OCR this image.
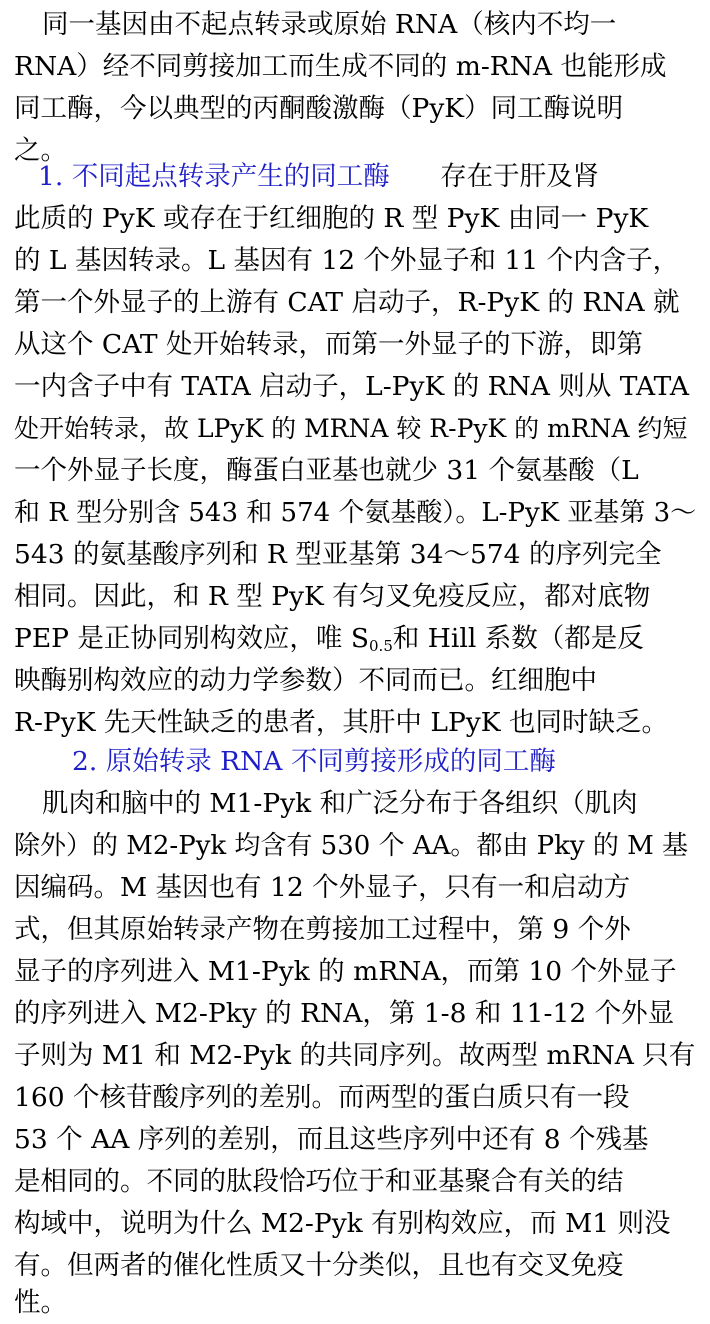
同一基因由不起点转录或原始 RNA（核内不均一
RNA）经不同剪接加工而生成不同的 m-RNA 也能形成
同工酶，今以典型的丙酮酸激酶（PyK）同工酶说明
之。
1. 不同起点转录产生的同工酶 存在于肝及肾
此质的 PyK 或存在于红细胞的 R 型 PyK 由同一 PyK
的 L 基因转录。L 基因有 12 个外显子和 11 个内含子，
第一个外显子的上游有 CAT 启动子，R-PyK 的 RNA 就
从这个 CAT 处开始转录，而第一外显子的下游，即第
一内含子中有 TATA 启动子，L-PyK 的 RNA 则从 TATA
处开始转录，故 LPyK 的 MRNA 较 R-PyK 的 mRNA 约短
一个外显子长度，酶蛋白亚基也就少 31 个氨基酸（L
和 R 型分别含 543 和 574 个氨基酸）。L-PyK 亚基第 3～
543 的氨基酸序列和 R 型亚基第 34～574 的序列完全
相同。因此，和 R 型 PyK 有匀叉免疫反应，都对底物
PEP 是正协同别构效应，唯 $S_{0.5}$和 Hill 系数（都是反
映酶别构效应的动力学参数）不同而已。红细胞中
R-PyK 先天性缺乏的患者，其肝中 LPyK 也同时缺乏。
2. 原始转录 RNA 不同剪接形成的同工酶
肌肉和脑中的 M1-Pyk 和广泛分布于各组织（肌肉
除外）的 M2-Pyk 均含有 530 个 AA。都由 Pky 的 M 基
因编码。M 基因也有 12 个外显子，只有一和启动方
式，但其原始转录产物在剪接加工过程中，第 9 个外
显子的序列进入 M1-Pyk 的 mRNA，而第 10 个外显子
的序列进入 M2-Pky 的 RNA，第 1-8 和 11-12 个外显
子则为 M1 和 M2-Pyk 的共同序列。故两型 mRNA 只有
160 个核苷酸序列的差别。而两型的蛋白质只有一段
53 个 AA 序列的差别，而且这些序列中还有 8 个残基
是相同的。不同的肽段恰巧位于和亚基聚合有关的结
构域中，说明为什么 M2-Pyk 有别构效应，而 M1 则没
有。但两者的催化性质又十分类似，且也有交叉免疫
性。
